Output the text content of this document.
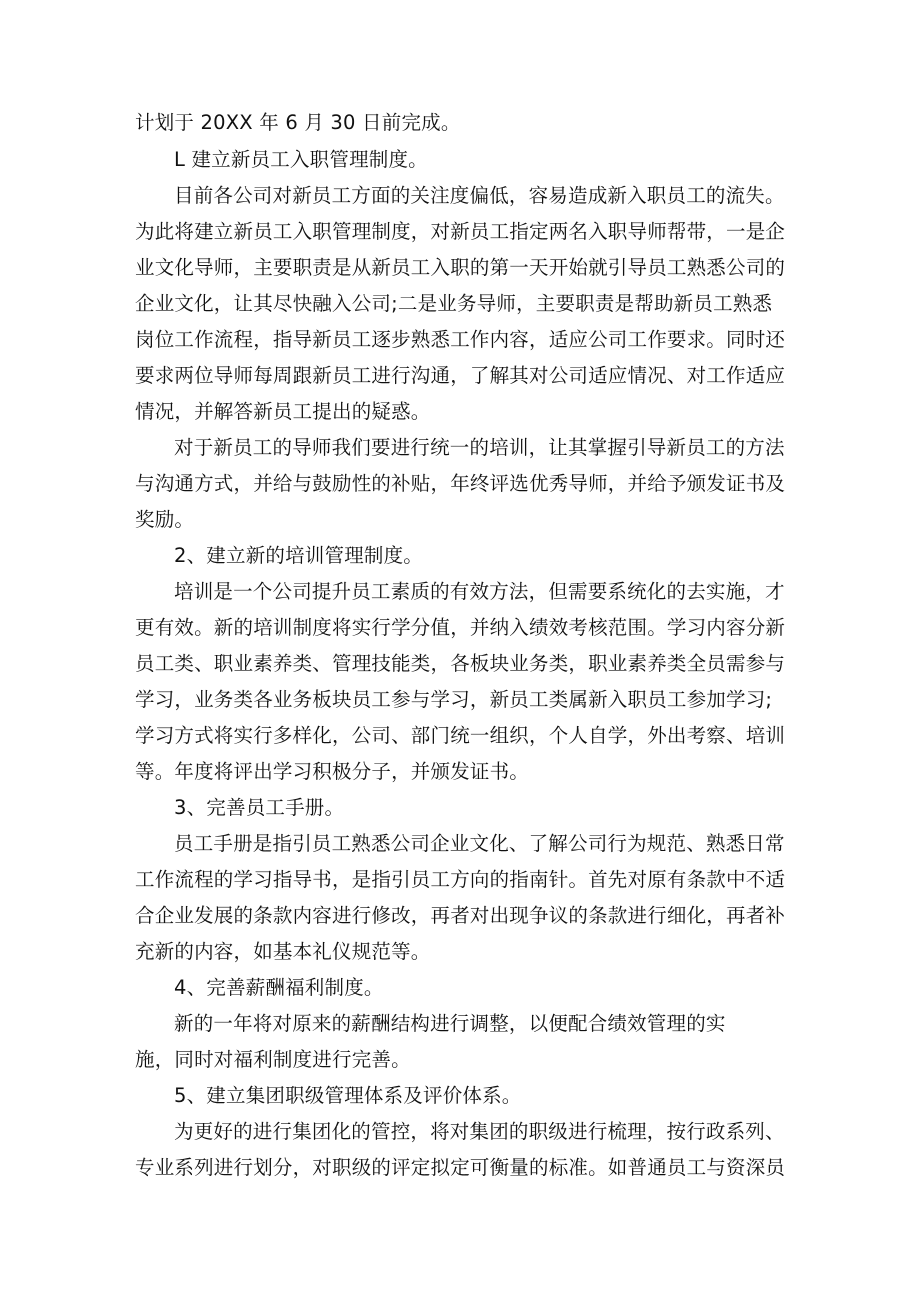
计划于 20XX 年 6 月 30 日前完成。
L 建立新员工入职管理制度。
目前各公司对新员工方面的关注度偏低，容易造成新入职员工的流失。
为此将建立新员工入职管理制度，对新员工指定两名入职导师帮带，一是企
业文化导师，主要职责是从新员工入职的第一天开始就引导员工熟悉公司的
企业文化，让其尽快融入公司;二是业务导师，主要职责是帮助新员工熟悉
岗位工作流程，指导新员工逐步熟悉工作内容，适应公司工作要求。同时还
要求两位导师每周跟新员工进行沟通，了解其对公司适应情况、对工作适应
情况，并解答新员工提出的疑惑。
对于新员工的导师我们要进行统一的培训，让其掌握引导新员工的方法
与沟通方式，并给与鼓励性的补贴，年终评选优秀导师，并给予颁发证书及
奖励。
2、建立新的培训管理制度。
培训是一个公司提升员工素质的有效方法，但需要系统化的去实施，才
更有效。新的培训制度将实行学分值，并纳入绩效考核范围。学习内容分新
员工类、职业素养类、管理技能类，各板块业务类，职业素养类全员需参与
学习，业务类各业务板块员工参与学习，新员工类属新入职员工参加学习;
学习方式将实行多样化，公司、部门统一组织，个人自学，外出考察、培训
等。年度将评出学习积极分子，并颁发证书。
3、完善员工手册。
员工手册是指引员工熟悉公司企业文化、了解公司行为规范、熟悉日常
工作流程的学习指导书，是指引员工方向的指南针。首先对原有条款中不适
合企业发展的条款内容进行修改，再者对出现争议的条款进行细化，再者补
充新的内容，如基本礼仪规范等。
4、完善薪酬福利制度。
新的一年将对原来的薪酬结构进行调整，以便配合绩效管理的实
施，同时对福利制度进行完善。
5、建立集团职级管理体系及评价体系。
为更好的进行集团化的管控，将对集团的职级进行梳理，按行政系列、
专业系列进行划分，对职级的评定拟定可衡量的标准。如普通员工与资深员
